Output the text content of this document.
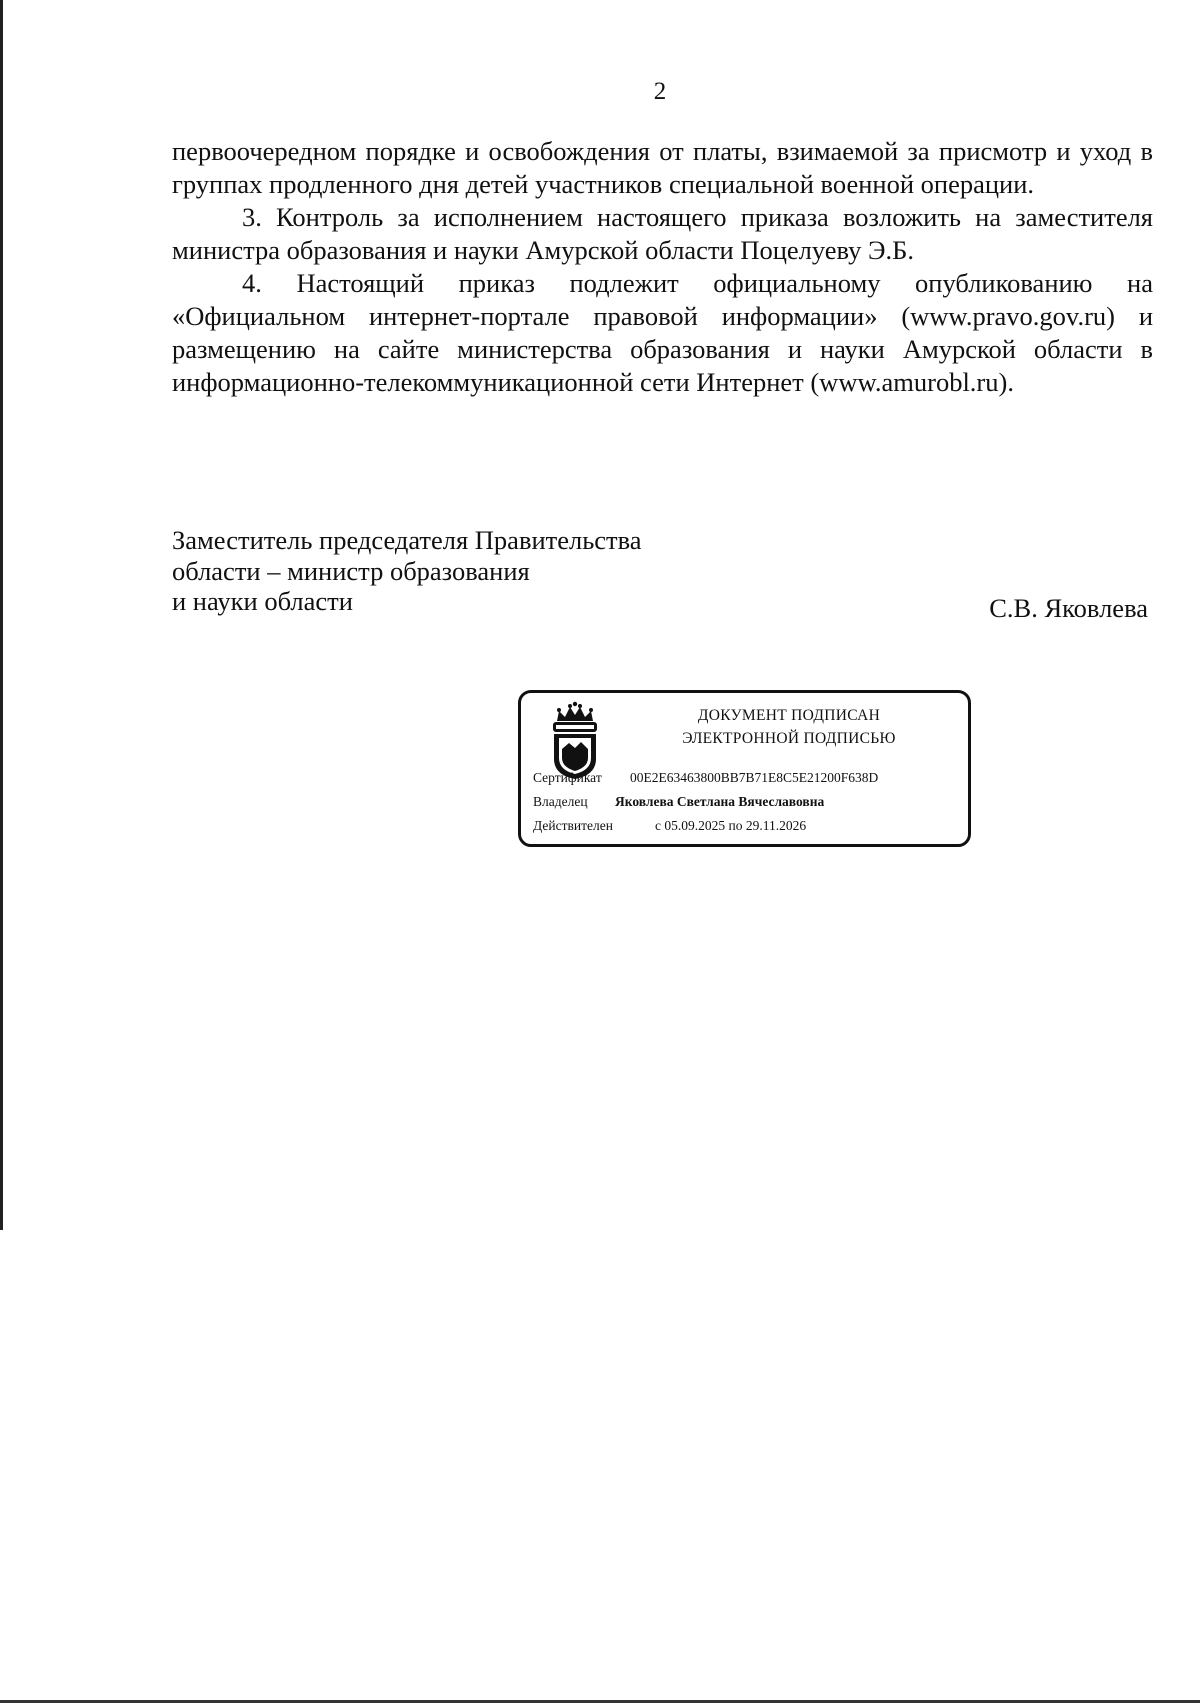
2

первоочередном порядке и освобождения от платы, взимаемой за присмотр и уход в группах продленного дня детей участников специальной военной операции.

3. Контроль за исполнением настоящего приказа возложить на заместителя министра образования и науки Амурской области Поцелуеву Э.Б.

4. Настоящий приказ подлежит официальному опубликованию на «Официальном интернет-портале правовой информации» (www.pravo.gov.ru) и размещению на сайте министерства образования и науки Амурской области в информационно-телекоммуникационной сети Интернет (www.amurobl.ru).

Заместитель председателя Правительства
области – министр образования
и науки области	С.В. Яковлева
ДОКУМЕНТ ПОДПИСАН
ЭЛЕКТРОННОЙ ПОДПИСЬЮ
Сертификат 00E2E63463800BB7B71E8C5E21200F638D
Владелец Яковлева Светлана Вячеславовна
Действителен	с 05.09.2025 по 29.11.2026
